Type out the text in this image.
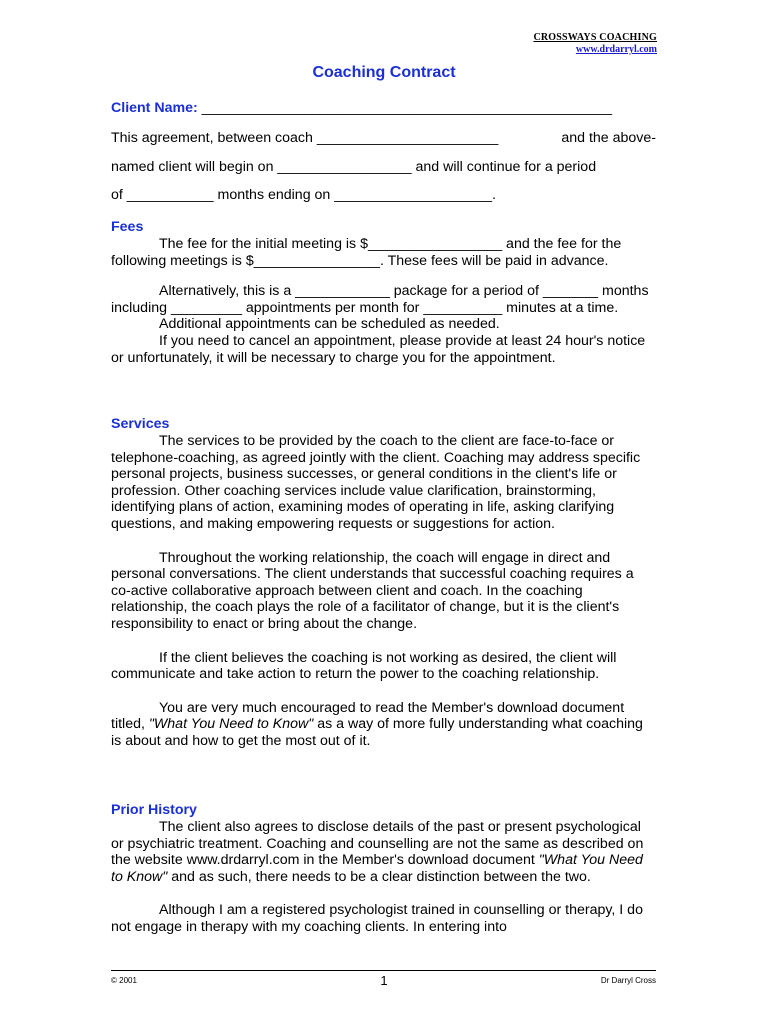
CROSSWAYS COACHING
www.drdarryl.com
Coaching Contract
Client Name: ____________________________________________________
This agreement, between coach _______________________	and the above-
named client will begin on _________________ and will continue for a period
of ___________ months ending on ____________________.
Fees

The fee for the initial meeting is $_________________ and the fee for the following meetings is $________________. These fees will be paid in advance.

Alternatively, this is a ____________ package for a period of _______ months including _________ appointments per month for __________ minutes at a time.

Additional appointments can be scheduled as needed.

If you need to cancel an appointment, please provide at least 24 hour's notice or unfortunately, it will be necessary to charge you for the appointment.

Services

The services to be provided by the coach to the client are face-to-face or telephone-coaching, as agreed jointly with the client. Coaching may address specific personal projects, business successes, or general conditions in the client's life or profession. Other coaching services include value clarification, brainstorming, identifying plans of action, examining modes of operating in life, asking clarifying questions, and making empowering requests or suggestions for action.

Throughout the working relationship, the coach will engage in direct and personal conversations. The client understands that successful coaching requires a co-active collaborative approach between client and coach. In the coaching relationship, the coach plays the role of a facilitator of change, but it is the client's responsibility to enact or bring about the change.

If the client believes the coaching is not working as desired, the client will communicate and take action to return the power to the coaching relationship.

You are very much encouraged to read the Member's download document titled, "What You Need to Know" as a way of more fully understanding what coaching is about and how to get the most out of it.

Prior History

The client also agrees to disclose details of the past or present psychological or psychiatric treatment. Coaching and counselling are not the same as described on the website www.drdarryl.com in the Member's download document "What You Need to Know" and as such, there needs to be a clear distinction between the two.

Although I am a registered psychologist trained in counselling or therapy, I do not engage in therapy with my coaching clients. In entering into

© 2001	1	Dr Darryl Cross
